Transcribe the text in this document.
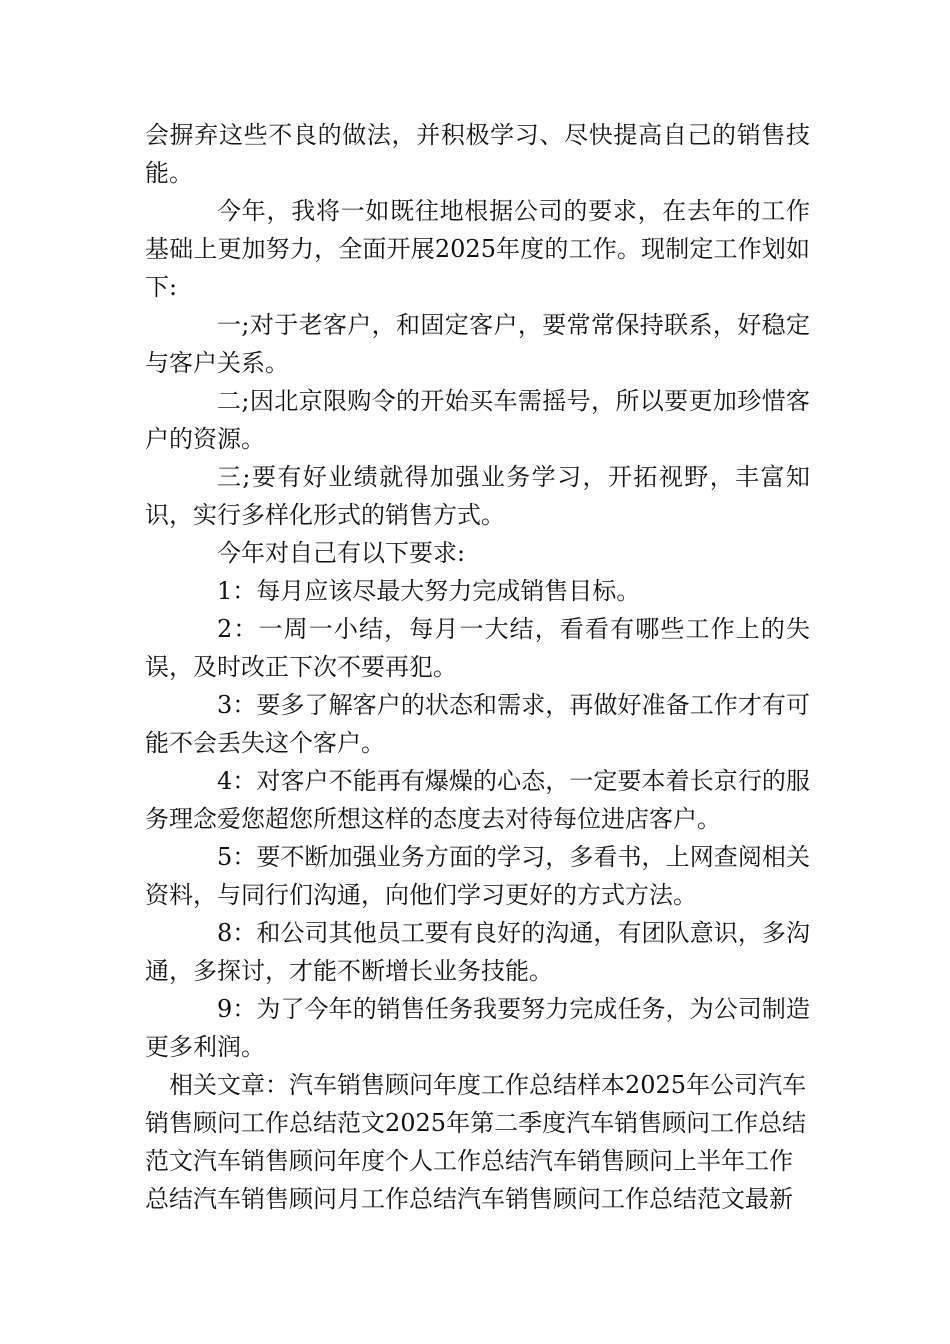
会摒弃这些不良的做法，并积极学习、尽快提高自己的销售技能。

今年，我将一如既往地根据公司的要求，在去年的工作基础上更加努力，全面开展2025年度的工作。现制定工作划如下:

一;对于老客户，和固定客户，要常常保持联系，好稳定与客户关系。

二;因北京限购令的开始买车需摇号，所以要更加珍惜客户的资源。

三;要有好业绩就得加强业务学习，开拓视野，丰富知识，实行多样化形式的销售方式。

今年对自己有以下要求:

1：每月应该尽最大努力完成销售目标。

2：一周一小结，每月一大结，看看有哪些工作上的失误，及时改正下次不要再犯。

3：要多了解客户的状态和需求，再做好准备工作才有可能不会丢失这个客户。

4：对客户不能再有爆燥的心态，一定要本着长京行的服务理念爱您超您所想这样的态度去对待每位进店客户。

5：要不断加强业务方面的学习，多看书，上网查阅相关资料，与同行们沟通，向他们学习更好的方式方法。

8：和公司其他员工要有良好的沟通，有团队意识，多沟通，多探讨，才能不断增长业务技能。

9：为了今年的销售任务我要努力完成任务，为公司制造更多利润。

相关文章：汽车销售顾问年度工作总结样本2025年公司汽车销售顾问工作总结范文2025年第二季度汽车销售顾问工作总结范文汽车销售顾问年度个人工作总结汽车销售顾问上半年工作总结汽车销售顾问月工作总结汽车销售顾问工作总结范文最新
